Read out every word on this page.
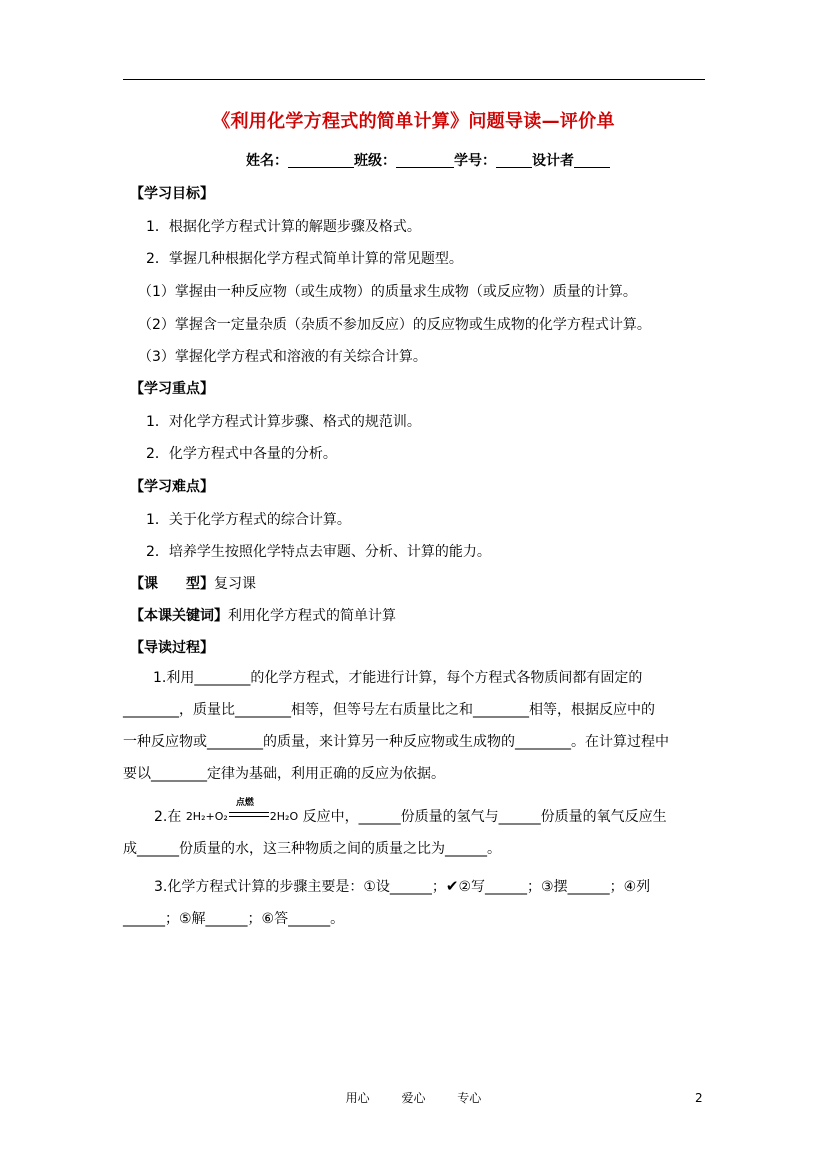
《利用化学方程式的简单计算》问题导读—评价单
姓名：	班级：	学号：	设计者
【学习目标】
1．根据化学方程式计算的解题步骤及格式。
2．掌握几种根据化学方程式简单计算的常见题型。
（1）掌握由一种反应物（或生成物）的质量求生成物（或反应物）质量的计算。
（2）掌握含一定量杂质（杂质不参加反应）的反应物或生成物的化学方程式计算。
（3）掌握化学方程式和溶液的有关综合计算。
【学习重点】
1．对化学方程式计算步骤、格式的规范训。
2．化学方程式中各量的分析。
【学习难点】
1．关于化学方程式的综合计算。
2．培养学生按照化学特点去审题、分析、计算的能力。
【课　　型】复习课
【本课关键词】利用化学方程式的简单计算
【导读过程】
1.利用________的化学方程式，才能进行计算，每个方程式各物质间都有固定的
________，质量比________相等，但等号左右质量比之和________相等，根据反应中的
一种反应物或________的质量，来计算另一种反应物或生成物的________。在计算过程中
要以________定律为基础，利用正确的反应为依据。
2.在 2H₂+O₂
点燃
2H₂O 反应中，______份质量的氢气与______份质量的氧气反应生
成______份质量的水，这三种物质之间的质量之比为______。
3.化学方程式计算的步骤主要是：①设______；✔②写______；③摆______；④列
______；⑤解______；⑥答______。
用心 爱心 专心	2
